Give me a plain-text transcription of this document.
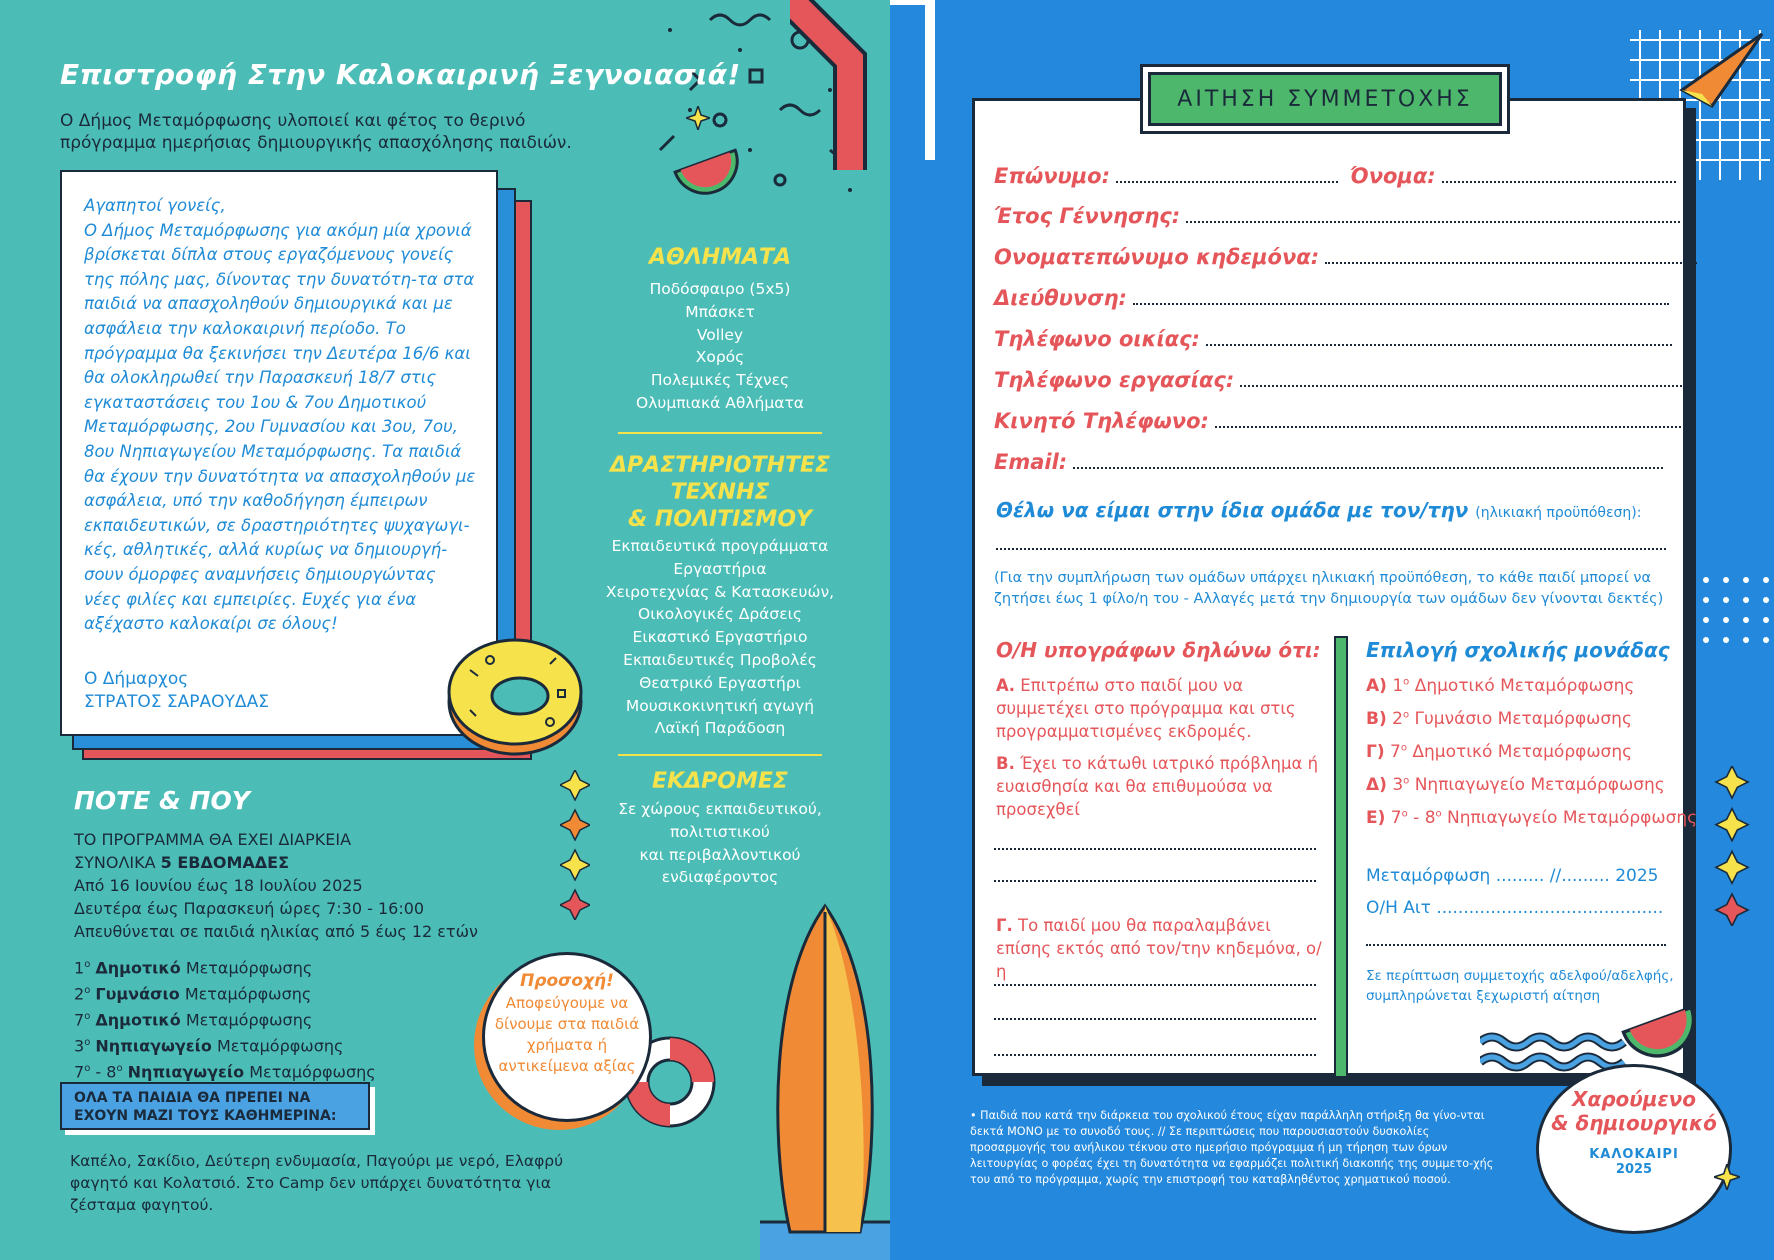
Επιστροφή Στην Καλοκαιρινή Ξεγνοιασιά!
Ο Δήμος Μεταμόρφωσης υλοποιεί και φέτος το θερινό πρόγραμμα ημερήσιας δημιουργικής απασχόλησης παιδιών.
Αγαπητοί γονείς,
Ο Δήμος Μεταμόρφωσης για ακόμη μία χρονιά βρίσκεται δίπλα στους εργαζόμενους γονείς της πόλης μας, δίνοντας την δυνατότη-τα στα παιδιά να απασχοληθούν δημιουργικά και με ασφάλεια την καλοκαιρινή περίοδο. Το πρόγραμμα θα ξεκινήσει την Δευτέρα 16/6 και θα ολοκληρωθεί την Παρασκευή 18/7 στις εγκαταστάσεις του 1ου & 7ου Δημοτικού Μεταμόρφωσης, 2ου Γυμνασίου και 3ου, 7ου, 8ου Νηπιαγωγείου Μεταμόρφωσης. Τα παιδιά θα έχουν την δυνατότητα να απασχοληθούν με ασφάλεια, υπό την καθοδήγηση έμπειρων εκπαιδευτικών, σε δραστηριότητες ψυχαγωγι-κές, αθλητικές, αλλά κυρίως να δημιουργή-σουν όμορφες αναμνήσεις δημιουργώντας νέες φιλίες και εμπειρίες. Ευχές για ένα αξέχαστο καλοκαίρι σε όλους!
Ο Δήμαρχος
ΣΤΡΑΤΟΣ ΣΑΡΑΟΥΔΑΣ
ΠΟΤΕ & ΠΟΥ
ΤΟ ΠΡΟΓΡΑΜΜΑ ΘΑ ΕΧΕΙ ΔΙΑΡΚΕΙΑ
ΣΥΝΟΛΙΚΑ 5 ΕΒΔΟΜΑΔΕΣ
Από 16 Ιουνίου έως 18 Ιουλίου 2025
Δευτέρα έως Παρασκευή ώρες 7:30 - 16:00
Απευθύνεται σε παιδιά ηλικίας από 5 έως 12 ετών
$1^o$ Δημοτικό Μεταμόρφωσης
$2^o$ Γυμνάσιο Μεταμόρφωσης
$7^o$ Δημοτικό Μεταμόρφωσης
$3^o$ Νηπιαγωγείο Μεταμόρφωσης
$7^o - 8^o$ Νηπιαγωγείο Μεταμόρφωσης
ΟΛΑ ΤΑ ΠΑΙΔΙΑ ΘΑ ΠΡΕΠΕΙ ΝΑ ΕΧΟΥΝ ΜΑΖΙ ΤΟΥΣ ΚΑΘΗΜΕΡΙΝΑ:
Καπέλο, Σακίδιο, Δεύτερη ενδυμασία, Παγούρι με νερό, Ελαφρύ φαγητό και Κολατσιό. Στο Camp δεν υπάρχει δυνατότητα για ζέσταμα φαγητού.
ΑΘΛΗΜΑΤΑ
Ποδόσφαιρο (5x5)
Μπάσκετ
Volley
Χορός
Πολεμικές Τέχνες
Ολυμπιακά Αθλήματα
ΔΡΑΣΤΗΡΙΟΤΗΤΕΣ
ΤΕΧΝΗΣ
& ΠΟΛΙΤΙΣΜΟΥ
Εκπαιδευτικά προγράμματα
Εργαστήρια
Χειροτεχνίας & Κατασκευών,
Οικολογικές Δράσεις
Εικαστικό Εργαστήριο
Εκπαιδευτικές Προβολές
Θεατρικό Εργαστήρι
Μουσικοκινητική αγωγή
Λαϊκή Παράδοση
ΕΚΔΡΟΜΕΣ
Σε χώρους εκπαιδευτικού,
πολιτιστικού
και περιβαλλοντικού
ενδιαφέροντος
Προσοχή!
Αποφεύγουμε να δίνουμε στα παιδιά χρήματα ή αντικείμενα αξίας
ΑΙΤΗΣΗ ΣΥΜΜΕΤΟΧΗΣ
Επώνυμο:	Όνομα:
Έτος Γέννησης:
Ονοματεπώνυμο κηδεμόνα:
Διεύθυνση:
Τηλέφωνο οικίας:
Τηλέφωνο εργασίας:
Κινητό Τηλέφωνο:
Email:
Θέλω να είμαι στην ίδια ομάδα με τον/την (ηλικιακή προϋπόθεση):
(Για την συμπλήρωση των ομάδων υπάρχει ηλικιακή προϋπόθεση, το κάθε παιδί μπορεί να ζητήσει έως 1 φίλο/η του - Αλλαγές μετά την δημιουργία των ομάδων δεν γίνονται δεκτές)
Ο/Η υπογράφων δηλώνω ότι:
Α. Επιτρέπω στο παιδί μου να συμμετέχει στο πρόγραμμα και στις προγραμματισμένες εκδρομές.
Β. Έχει το κάτωθι ιατρικό πρόβλημα ή ευαισθησία και θα επιθυμούσα να προσεχθεί
Γ. Το παιδί μου θα παραλαμβάνει επίσης εκτός από τον/την κηδεμόνα, ο/η
Επιλογή σχολικής μονάδας
Α) $1^o$ Δημοτικό Μεταμόρφωσης
Β) $2^o$ Γυμνάσιο Μεταμόρφωσης
Γ) $7^o$ Δημοτικό Μεταμόρφωσης
Δ) $3^o$ Νηπιαγωγείο Μεταμόρφωσης
Ε) $7^o - 8^o$ Νηπιαγωγείο Μεταμόρφωσης
Μεταμόρφωση ......... //......... 2025
Ο/Η Αιτ ..........................................
Σε περίπτωση συμμετοχής αδελφού/αδελφής, συμπληρώνεται ξεχωριστή αίτηση
• Παιδιά που κατά την διάρκεια του σχολικού έτους είχαν παράλληλη στήριξη θα γίνο-νται δεκτά ΜΟΝΟ με το συνοδό τους. // Σε περιπτώσεις που παρουσιαστούν δυσκολίες προσαρμογής του ανήλικου τέκνου στο ημερήσιο πρόγραμμα ή μη τήρηση των όρων λειτουργίας ο φορέας έχει τη δυνατότητα να εφαρμόζει πολιτική διακοπής της συμμετο-χής του από το πρόγραμμα, χωρίς την επιστροφή του καταβληθέντος χρηματικού ποσού.
Χαρούμενο
& δημιουργικό
ΚΑΛΟΚΑΙΡΙ
2025
